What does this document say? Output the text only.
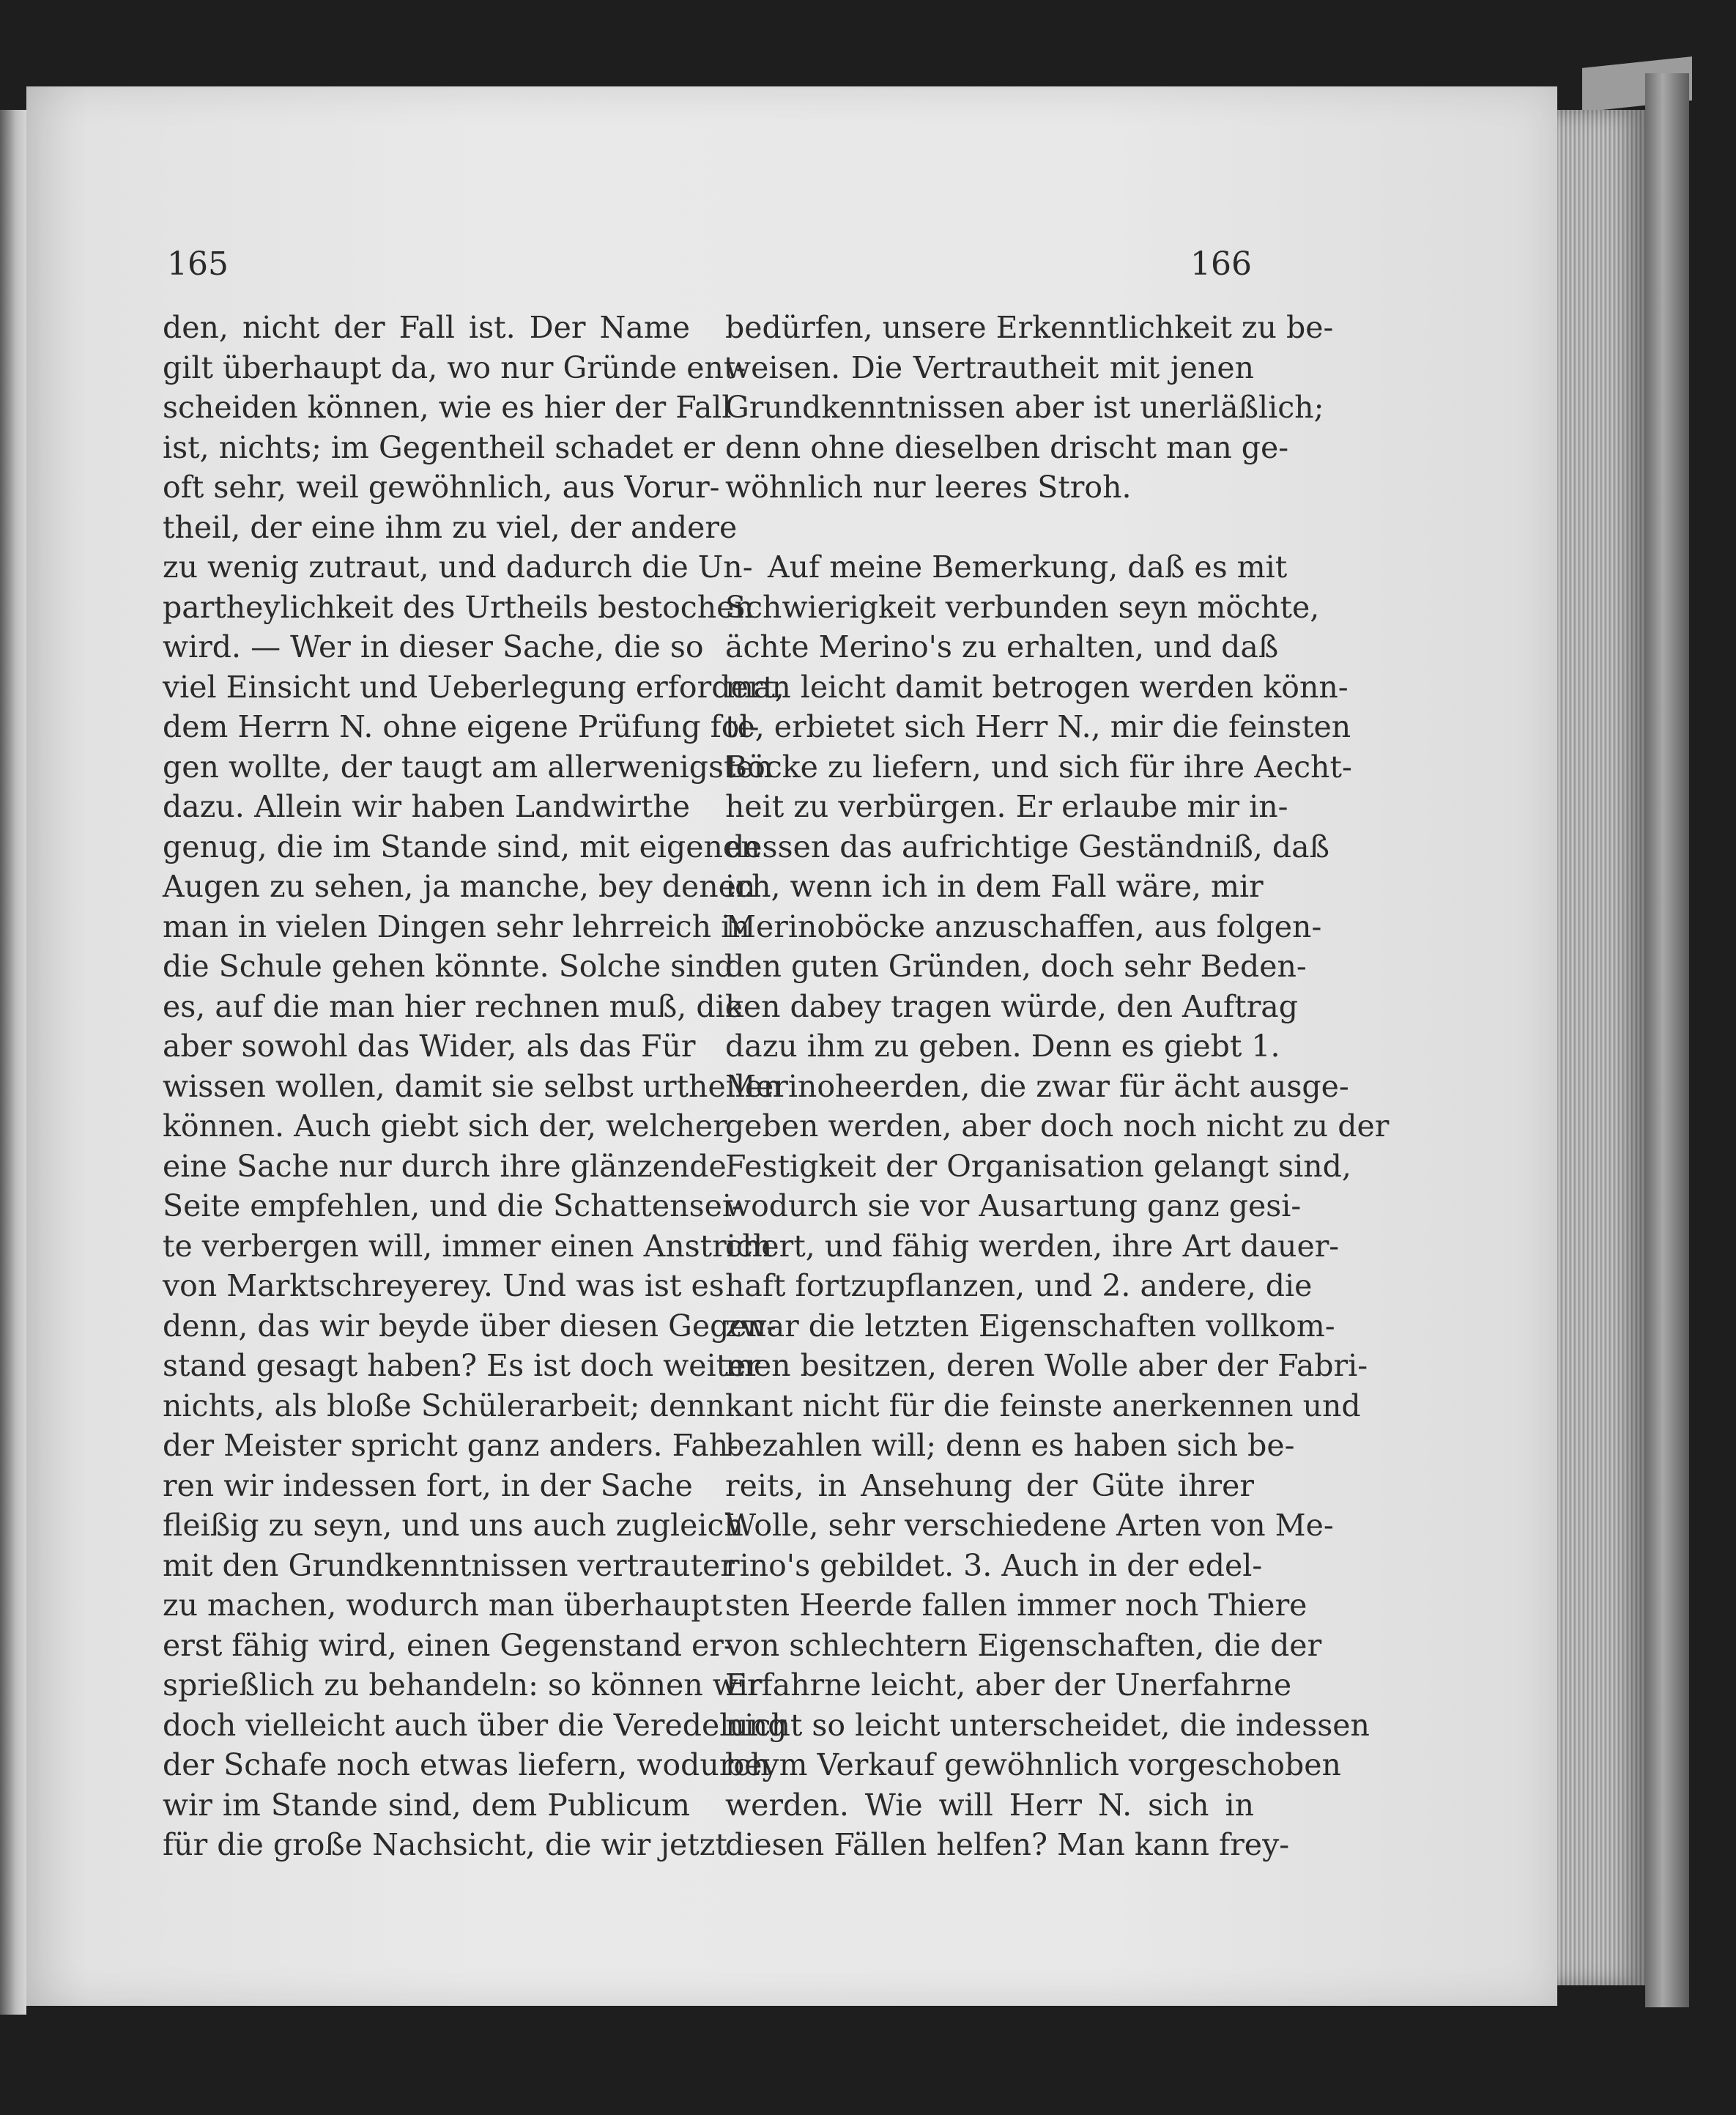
165	166
den, nicht der Fall ist. Der Name
gilt überhaupt da, wo nur Gründe ent-
scheiden können, wie es hier der Fall
ist, nichts; im Gegentheil schadet er
oft sehr, weil gewöhnlich, aus Vorur-
theil, der eine ihm zu viel, der andere
zu wenig zutraut, und dadurch die Un-
partheylichkeit des Urtheils bestochen
wird. — Wer in dieser Sache, die so
viel Einsicht und Ueberlegung erfordert,
dem Herrn N. ohne eigene Prüfung fol-
gen wollte, der taugt am allerwenigsten
dazu. Allein wir haben Landwirthe
genug, die im Stande sind, mit eigenen
Augen zu sehen, ja manche, bey denen
man in vielen Dingen sehr lehrreich in
die Schule gehen könnte. Solche sind
es, auf die man hier rechnen muß, die
aber sowohl das Wider, als das Für
wissen wollen, damit sie selbst urtheilen
können. Auch giebt sich der, welcher
eine Sache nur durch ihre glänzende
Seite empfehlen, und die Schattensei-
te verbergen will, immer einen Anstrich
von Marktschreyerey. Und was ist es
denn, das wir beyde über diesen Gegen-
stand gesagt haben? Es ist doch weiter
nichts, als bloße Schülerarbeit; denn
der Meister spricht ganz anders. Fah-
ren wir indessen fort, in der Sache
fleißig zu seyn, und uns auch zugleich
mit den Grundkenntnissen vertrauter
zu machen, wodurch man überhaupt
erst fähig wird, einen Gegenstand er-
sprießlich zu behandeln: so können wir
doch vielleicht auch über die Veredelung
der Schafe noch etwas liefern, wodurch
wir im Stande sind, dem Publicum
für die große Nachsicht, die wir jetzt
bedürfen, unsere Erkenntlichkeit zu be-
weisen. Die Vertrautheit mit jenen
Grundkenntnissen aber ist unerläßlich;
denn ohne dieselben drischt man ge-
wöhnlich nur leeres Stroh.
Auf meine Bemerkung, daß es mit
Schwierigkeit verbunden seyn möchte,
ächte Merino's zu erhalten, und daß
man leicht damit betrogen werden könn-
te, erbietet sich Herr N., mir die feinsten
Böcke zu liefern, und sich für ihre Aecht-
heit zu verbürgen. Er erlaube mir in-
dessen das aufrichtige Geständniß, daß
ich, wenn ich in dem Fall wäre, mir
Merinoböcke anzuschaffen, aus folgen-
den guten Gründen, doch sehr Beden-
ken dabey tragen würde, den Auftrag
dazu ihm zu geben. Denn es giebt 1.
Merinoheerden, die zwar für ächt ausge-
geben werden, aber doch noch nicht zu der
Festigkeit der Organisation gelangt sind,
wodurch sie vor Ausartung ganz gesi-
chert, und fähig werden, ihre Art dauer-
haft fortzupflanzen, und 2. andere, die
zwar die letzten Eigenschaften vollkom-
men besitzen, deren Wolle aber der Fabri-
kant nicht für die feinste anerkennen und
bezahlen will; denn es haben sich be-
reits, in Ansehung der Güte ihrer
Wolle, sehr verschiedene Arten von Me-
rino's gebildet. 3. Auch in der edel-
sten Heerde fallen immer noch Thiere
von schlechtern Eigenschaften, die der
Erfahrne leicht, aber der Unerfahrne
nicht so leicht unterscheidet, die indessen
beym Verkauf gewöhnlich vorgeschoben
werden. Wie will Herr N. sich in
diesen Fällen helfen? Man kann frey-
